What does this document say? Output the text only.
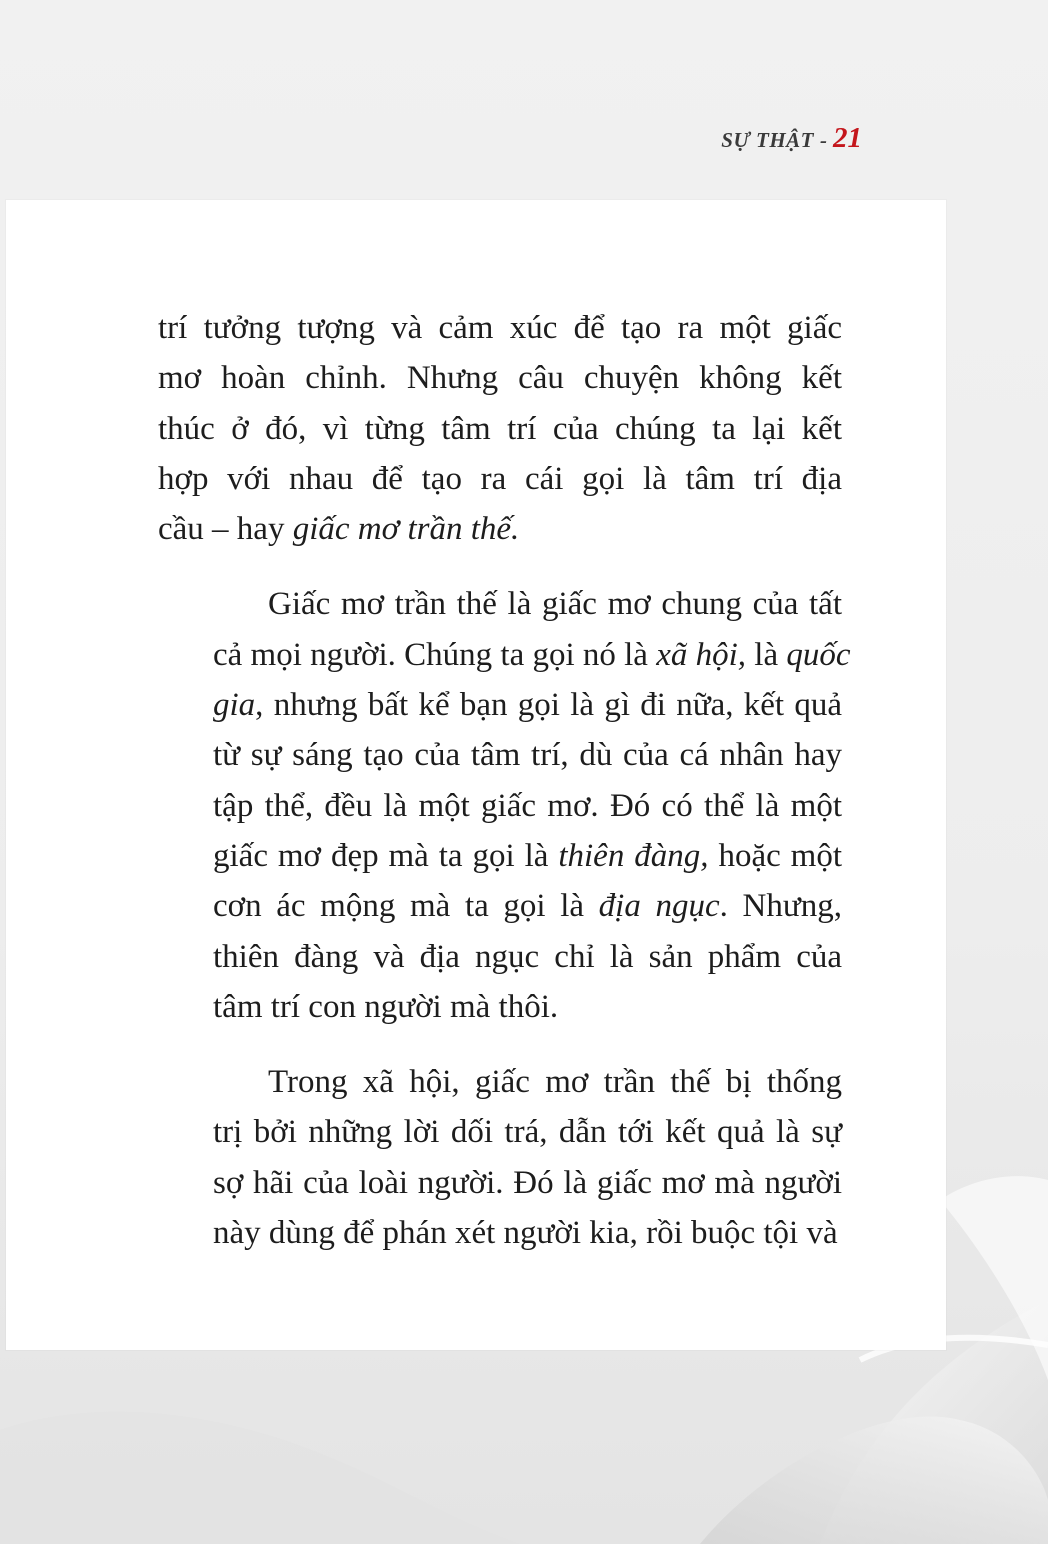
SỰ THẬT - 21
trí tưởng tượng và cảm xúc để tạo ra một giấc
mơ hoàn chỉnh. Nhưng câu chuyện không kết
thúc ở đó, vì từng tâm trí của chúng ta lại kết
hợp với nhau để tạo ra cái gọi là tâm trí địa
cầu – hay giấc mơ trần thế.
Giấc mơ trần thế là giấc mơ chung của tất
cả mọi người. Chúng ta gọi nó là xã hội, là quốc
gia, nhưng bất kể bạn gọi là gì đi nữa, kết quả
từ sự sáng tạo của tâm trí, dù của cá nhân hay
tập thể, đều là một giấc mơ. Đó có thể là một
giấc mơ đẹp mà ta gọi là thiên đàng, hoặc một
cơn ác mộng mà ta gọi là địa ngục. Nhưng,
thiên đàng và địa ngục chỉ là sản phẩm của
tâm trí con người mà thôi.
Trong xã hội, giấc mơ trần thế bị thống
trị bởi những lời dối trá, dẫn tới kết quả là sự
sợ hãi của loài người. Đó là giấc mơ mà người
này dùng để phán xét người kia, rồi buộc tội và
